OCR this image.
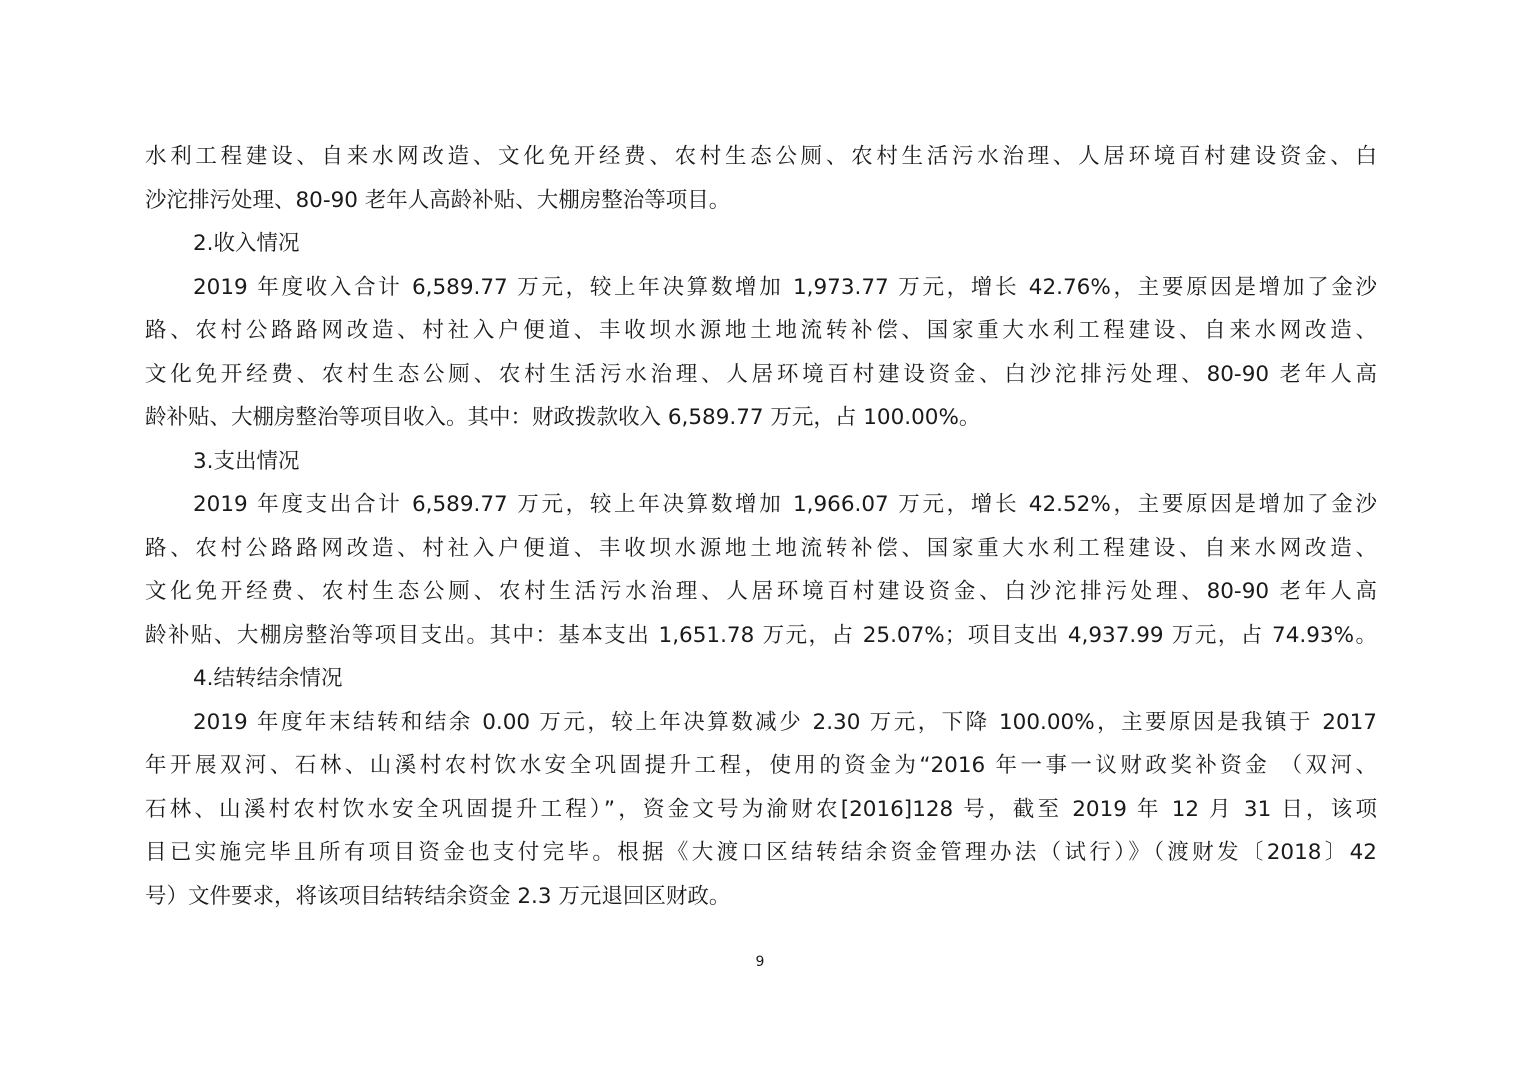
水利工程建设、自来水网改造、文化免开经费、农村生态公厕、农村生活污水治理、人居环境百村建设资金、白
沙沱排污处理、80-90 老年人高龄补贴、大棚房整治等项目。
2.收入情况
2019 年度收入合计 6,589.77 万元，较上年决算数增加 1,973.77 万元，增长 42.76%，主要原因是增加了金沙
路、农村公路路网改造、村社入户便道、丰收坝水源地土地流转补偿、国家重大水利工程建设、自来水网改造、
文化免开经费、农村生态公厕、农村生活污水治理、人居环境百村建设资金、白沙沱排污处理、80-90 老年人高
龄补贴、大棚房整治等项目收入。其中：财政拨款收入 6,589.77 万元，占 100.00%。
3.支出情况
2019 年度支出合计 6,589.77 万元，较上年决算数增加 1,966.07 万元，增长 42.52%，主要原因是增加了金沙
路、农村公路路网改造、村社入户便道、丰收坝水源地土地流转补偿、国家重大水利工程建设、自来水网改造、
文化免开经费、农村生态公厕、农村生活污水治理、人居环境百村建设资金、白沙沱排污处理、80-90 老年人高
龄补贴、大棚房整治等项目支出。其中：基本支出 1,651.78 万元，占 25.07%；项目支出 4,937.99 万元，占 74.93%。
4.结转结余情况
2019 年度年末结转和结余 0.00 万元，较上年决算数减少 2.30 万元，下降 100.00%，主要原因是我镇于 2017
年开展双河、石林、山溪村农村饮水安全巩固提升工程，使用的资金为“2016 年一事一议财政奖补资金 （双河、
石林、山溪村农村饮水安全巩固提升工程）”，资金文号为渝财农[2016]128 号，截至 2019 年 12 月 31 日，该项
目已实施完毕且所有项目资金也支付完毕。根据《大渡口区结转结余资金管理办法（试行）》（渡财发〔2018〕42
号）文件要求，将该项目结转结余资金 2.3 万元退回区财政。
9
